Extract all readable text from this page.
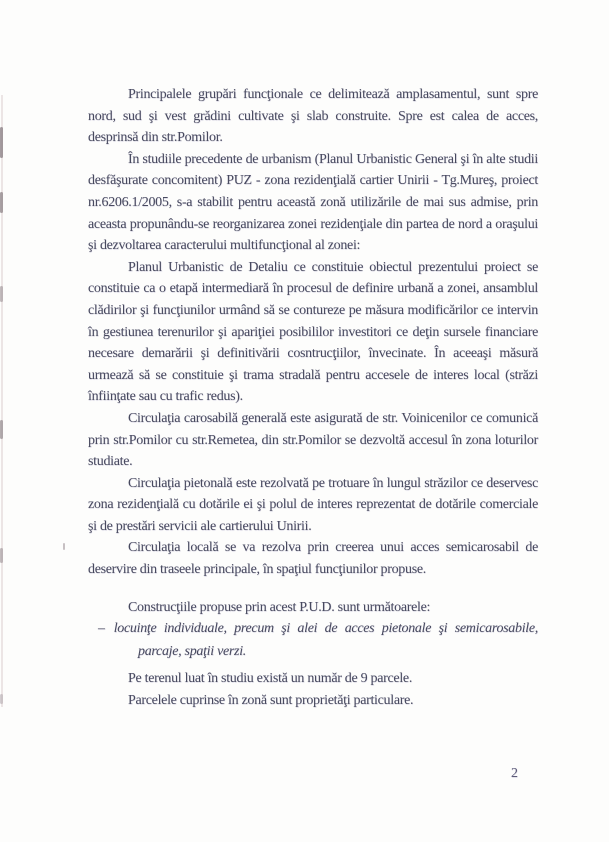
Principalele grupări funcţionale ce delimitează amplasamentul, sunt spre nord, sud şi vest grădini cultivate şi slab construite. Spre est calea de acces, desprinsă din str.Pomilor.

În studiile precedente de urbanism (Planul Urbanistic General şi în alte studii desfăşurate concomitent) PUZ - zona rezidenţială cartier Unirii - Tg.Mureş, proiect nr.6206.1/2005, s-a stabilit pentru această zonă utilizările de mai sus admise, prin aceasta propunându-se reorganizarea zonei rezidenţiale din partea de nord a oraşului şi dezvoltarea caracterului multifuncţional al zonei:

Planul Urbanistic de Detaliu ce constituie obiectul prezentului proiect se constituie ca o etapă intermediară în procesul de definire urbană a zonei, ansamblul clădirilor şi funcţiunilor urmând să se contureze pe măsura modificărilor ce intervin în gestiunea terenurilor şi apariţiei posibililor investitori ce deţin sursele financiare necesare demarării şi definitivării cosntrucţiilor, învecinate. În aceeaşi măsură urmează să se constituie şi trama stradală pentru accesele de interes local (străzi înfiinţate sau cu trafic redus).

Circulaţia carosabilă generală este asigurată de str. Voinicenilor ce comunică prin str.Pomilor cu str.Remetea, din str.Pomilor se dezvoltă accesul în zona loturilor studiate.

Circulaţia pietonală este rezolvată pe trotuare în lungul străzilor ce deservesc zona rezidenţială cu dotările ei şi polul de interes reprezentat de dotările comerciale şi de prestări servicii ale cartierului Unirii.

Circulaţia locală se va rezolva prin creerea unui acces semicarosabil de deservire din traseele principale, în spaţiul funcţiunilor propuse.

Construcţiile propuse prin acest P.U.D. sunt următoarele:

– locuinţe individuale, precum şi alei de acces pietonale şi semicarosabile, parcaje, spaţii verzi.

Pe terenul luat în studiu există un număr de 9 parcele.

Parcelele cuprinse în zonă sunt proprietăţi particulare.

2
